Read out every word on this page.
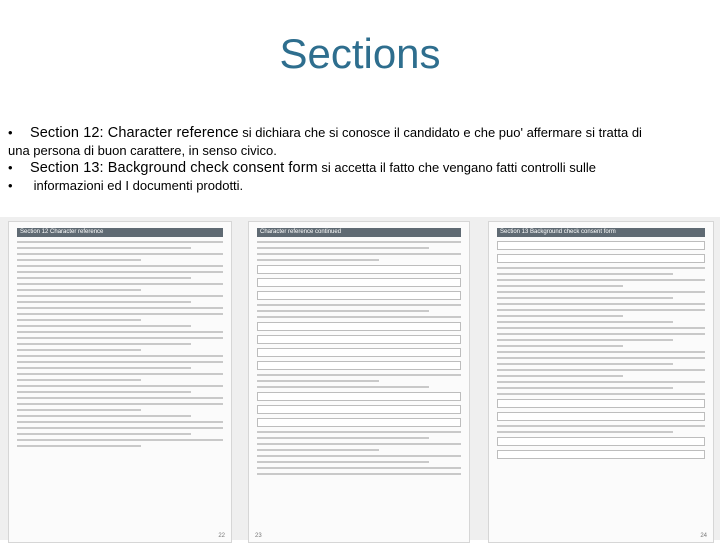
Sections
• Section 12: Character reference si dichiara che si conosce il candidato e che puo' affermare si tratta di
una persona di buon carattere, in senso civico.
• Section 13: Background check consent form si accetta il fatto che vengano fatti controlli sulle
• informazioni ed I documenti prodotti.
Section 12 Character reference
22
Character reference continued
23
Section 13 Background check consent form
24
